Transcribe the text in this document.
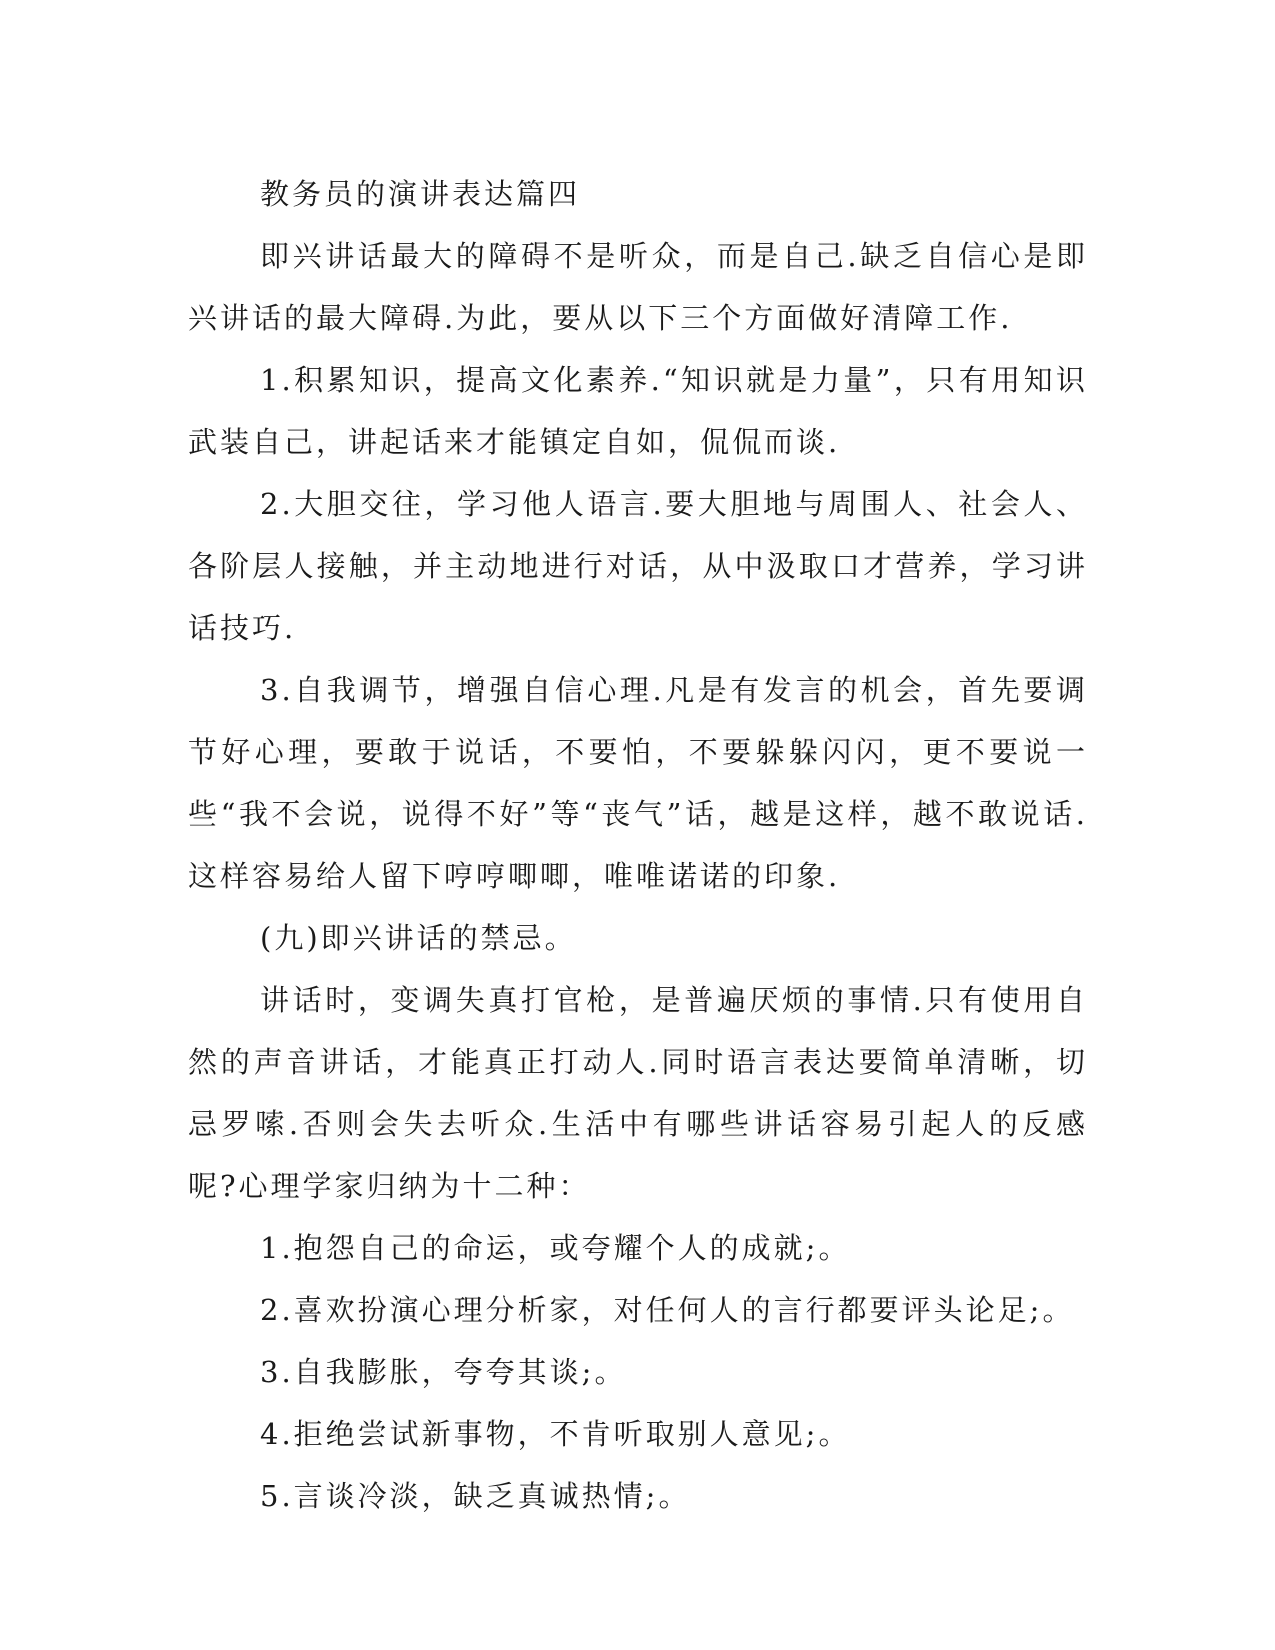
教务员的演讲表达篇四

即兴讲话最大的障碍不是听众，而是自己.缺乏自信心是即兴讲话的最大障碍.为此，要从以下三个方面做好清障工作.

1.积累知识，提高文化素养.“知识就是力量”，只有用知识武装自己，讲起话来才能镇定自如，侃侃而谈.

2.大胆交往，学习他人语言.要大胆地与周围人、社会人、各阶层人接触，并主动地进行对话，从中汲取口才营养，学习讲话技巧.

3.自我调节，增强自信心理.凡是有发言的机会，首先要调节好心理，要敢于说话，不要怕，不要躲躲闪闪，更不要说一些“我不会说，说得不好”等“丧气”话，越是这样，越不敢说话.这样容易给人留下哼哼唧唧，唯唯诺诺的印象.

(九)即兴讲话的禁忌。

讲话时，变调失真打官枪，是普遍厌烦的事情.只有使用自然的声音讲话，才能真正打动人.同时语言表达要简单清晰，切忌罗嗦.否则会失去听众.生活中有哪些讲话容易引起人的反感呢?心理学家归纳为十二种：

1.抱怨自己的命运，或夸耀个人的成就;。

2.喜欢扮演心理分析家，对任何人的言行都要评头论足;。

3.自我膨胀，夸夸其谈;。

4.拒绝尝试新事物，不肯听取别人意见;。

5.言谈冷淡，缺乏真诚热情;。
